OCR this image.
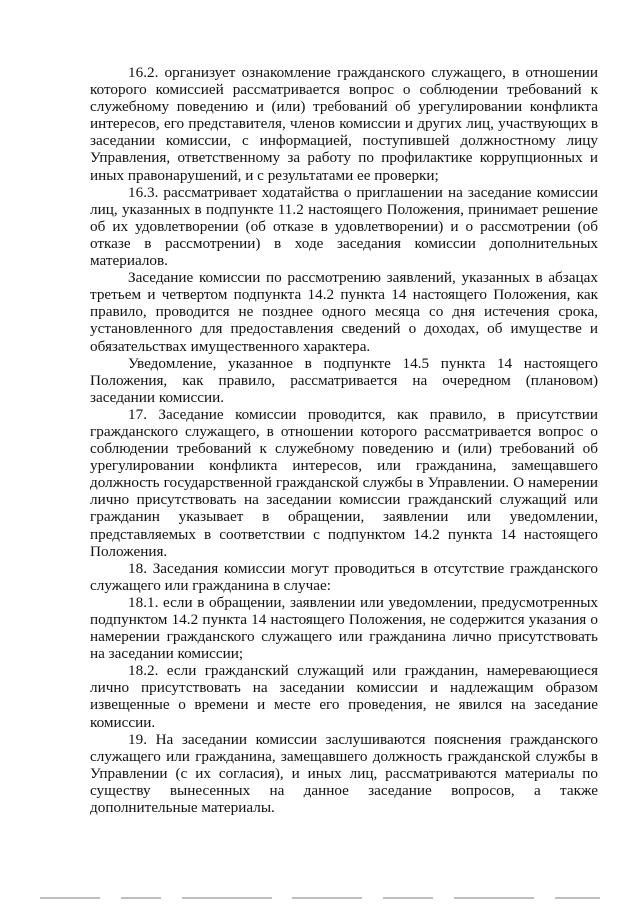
16.2. организует ознакомление гражданского служащего, в отношении которого комиссией рассматривается вопрос о соблюдении требований к служебному поведению и (или) требований об урегулировании конфликта интересов, его представителя, членов комиссии и других лиц, участвующих в заседании комиссии, с информацией, поступившей должностному лицу Управления, ответственному за работу по профилактике коррупционных и иных правонарушений, и с результатами ее проверки;

16.3. рассматривает ходатайства о приглашении на заседание комиссии лиц, указанных в подпункте 11.2 настоящего Положения, принимает решение об их удовлетворении (об отказе в удовлетворении) и о рассмотрении (об отказе в рассмотрении) в ходе заседания комиссии дополнительных материалов.

Заседание комиссии по рассмотрению заявлений, указанных в абзацах третьем и четвертом подпункта 14.2 пункта 14 настоящего Положения, как правило, проводится не позднее одного месяца со дня истечения срока, установленного для предоставления сведений о доходах, об имуществе и обязательствах имущественного характера.

Уведомление, указанное в подпункте 14.5 пункта 14 настоящего Положения, как правило, рассматривается на очередном (плановом) заседании комиссии.

17. Заседание комиссии проводится, как правило, в присутствии гражданского служащего, в отношении которого рассматривается вопрос о соблюдении требований к служебному поведению и (или) требований об урегулировании конфликта интересов, или гражданина, замещавшего должность государственной гражданской службы в Управлении. О намерении лично присутствовать на заседании комиссии гражданский служащий или гражданин указывает в обращении, заявлении или уведомлении, представляемых в соответствии с подпунктом 14.2 пункта 14 настоящего Положения.

18. Заседания комиссии могут проводиться в отсутствие гражданского служащего или гражданина в случае:

18.1. если в обращении, заявлении или уведомлении, предусмотренных подпунктом 14.2 пункта 14 настоящего Положения, не содержится указания о намерении гражданского служащего или гражданина лично присутствовать на заседании комиссии;

18.2. если гражданский служащий или гражданин, намеревающиеся лично присутствовать на заседании комиссии и надлежащим образом извещенные о времени и месте его проведения, не явился на заседание комиссии.

19. На заседании комиссии заслушиваются пояснения гражданского служащего или гражданина, замещавшего должность гражданской службы в Управлении (с их согласия), и иных лиц, рассматриваются материалы по существу вынесенных на данное заседание вопросов, а также дополнительные материалы.
